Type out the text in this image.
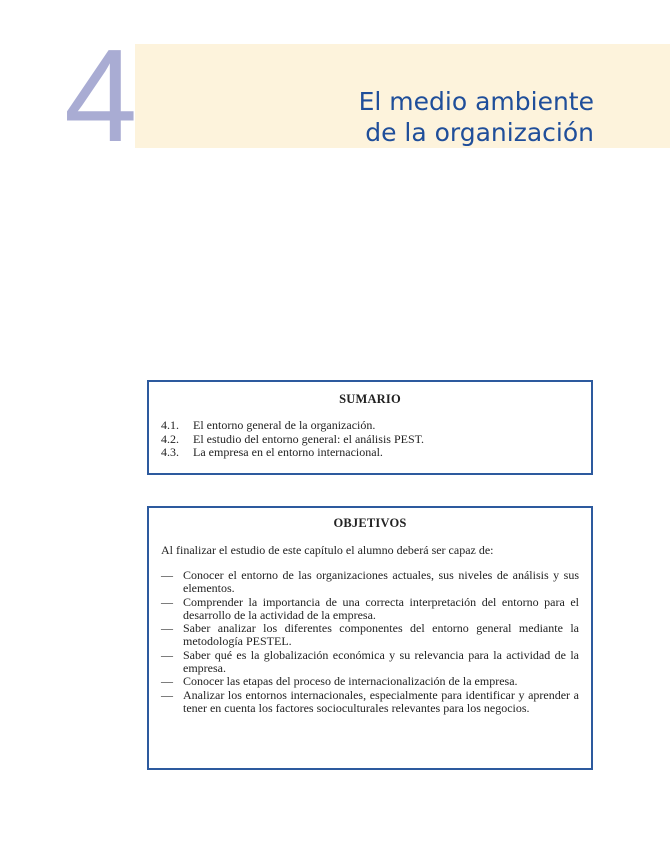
4	El medio ambiente
de la organización
SUMARIO
4.1. El entorno general de la organización.
4.2. El estudio del entorno general: el análisis PEST.
4.3. La empresa en el entorno internacional.
OBJETIVOS

Al finalizar el estudio de este capítulo el alumno deberá ser capaz de:

— Conocer el entorno de las organizaciones actuales, sus niveles de análisis y sus elementos.
— Comprender la importancia de una correcta interpretación del entorno para el desarrollo de la actividad de la empresa.
— Saber analizar los diferentes componentes del entorno general mediante la metodología PESTEL.
— Saber qué es la globalización económica y su relevancia para la actividad de la empresa.
— Conocer las etapas del proceso de internacionalización de la empresa.
— Analizar los entornos internacionales, especialmente para identificar y aprender a tener en cuenta los factores socioculturales relevantes para los negocios.
